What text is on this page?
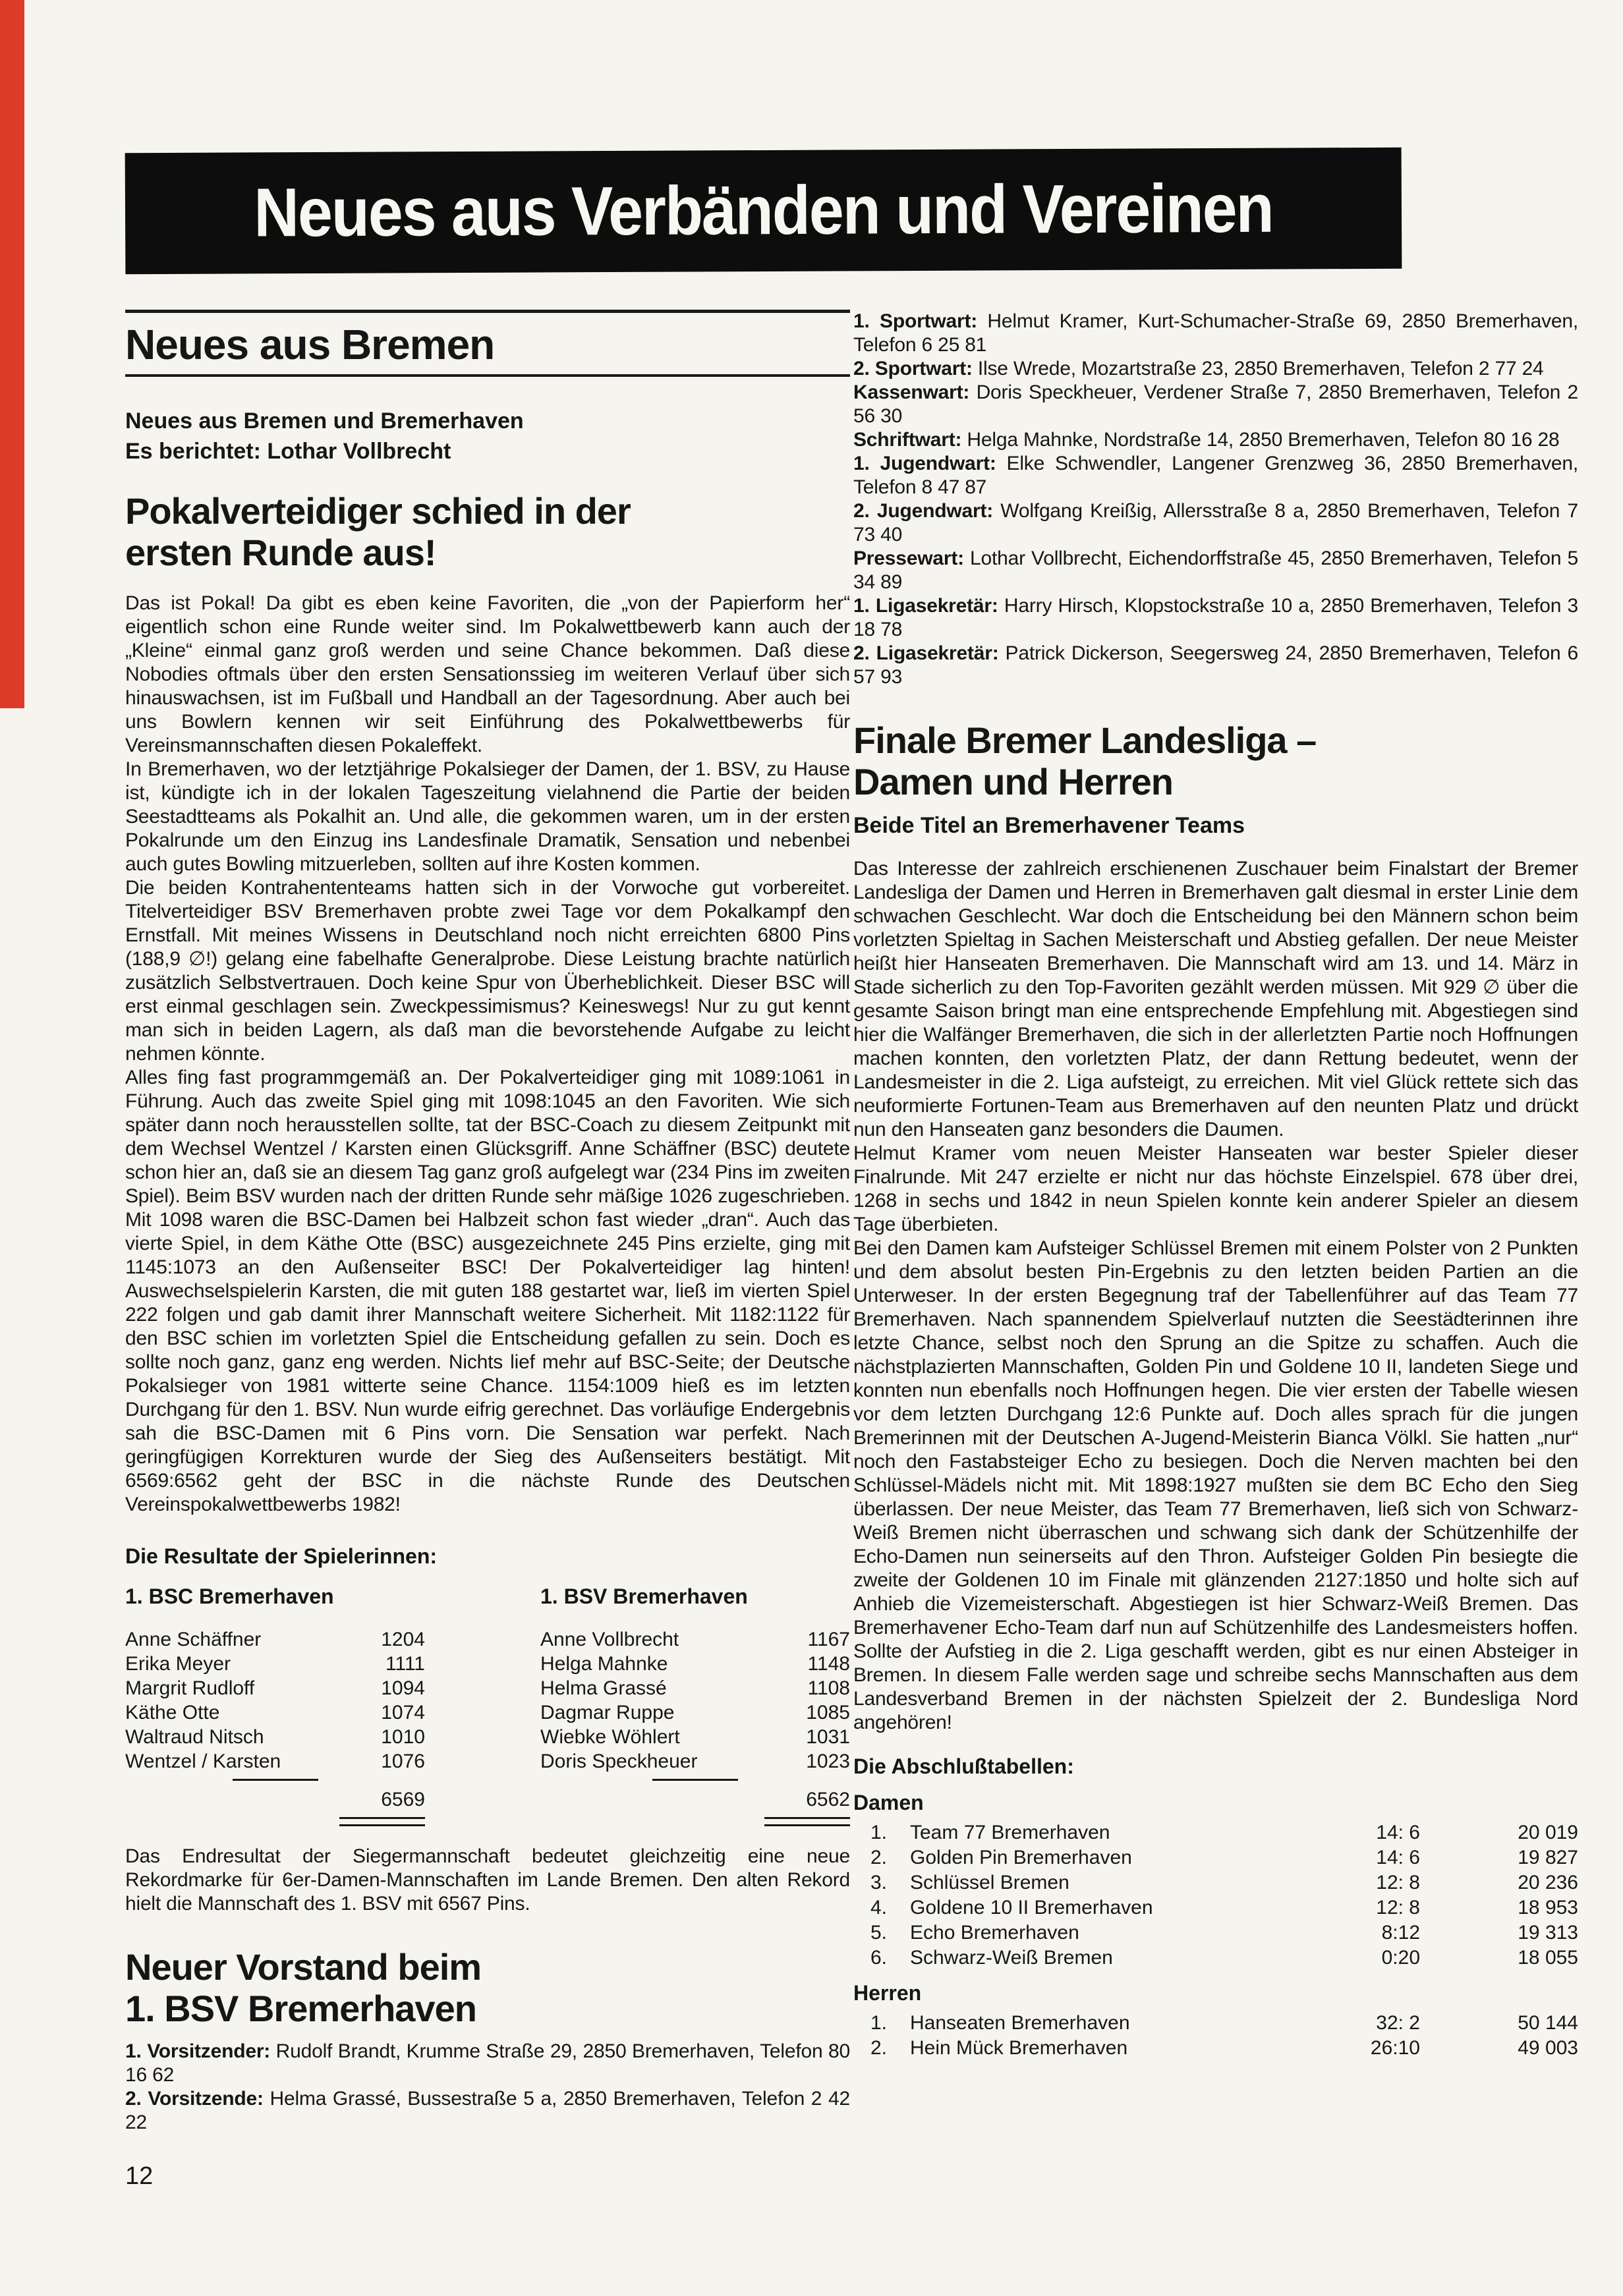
Neues aus Verbänden und Vereinen
Neues aus Bremen

Neues aus Bremen und Bremerhaven

Es berichtet: Lothar Vollbrecht

Pokalverteidiger schied in der
ersten Runde aus!

Das ist Pokal! Da gibt es eben keine Favoriten, die „von der Papierform her“ eigentlich schon eine Runde weiter sind. Im Pokalwettbewerb kann auch der „Kleine“ einmal ganz groß werden und seine Chance bekommen. Daß diese Nobodies oftmals über den ersten Sensationssieg im weiteren Verlauf über sich hinauswachsen, ist im Fußball und Handball an der Tagesordnung. Aber auch bei uns Bowlern kennen wir seit Einführung des Pokalwettbewerbs für Vereinsmannschaften diesen Pokaleffekt.

In Bremerhaven, wo der letztjährige Pokalsieger der Damen, der 1. BSV, zu Hause ist, kündigte ich in der lokalen Tageszeitung vielahnend die Partie der beiden Seestadtteams als Pokalhit an. Und alle, die gekommen waren, um in der ersten Pokalrunde um den Einzug ins Landesfinale Dramatik, Sensation und nebenbei auch gutes Bowling mitzuerleben, sollten auf ihre Kosten kommen.

Die beiden Kontrahententeams hatten sich in der Vorwoche gut vorbereitet. Titelverteidiger BSV Bremerhaven probte zwei Tage vor dem Pokalkampf den Ernstfall. Mit meines Wissens in Deutschland noch nicht erreichten 6800 Pins (188,9 ∅!) gelang eine fabelhafte Generalprobe. Diese Leistung brachte natürlich zusätzlich Selbstvertrauen. Doch keine Spur von Überheblichkeit. Dieser BSC will erst einmal geschlagen sein. Zweckpessimismus? Keineswegs! Nur zu gut kennt man sich in beiden Lagern, als daß man die bevorstehende Aufgabe zu leicht nehmen könnte.

Alles fing fast programmgemäß an. Der Pokalverteidiger ging mit 1089:1061 in Führung. Auch das zweite Spiel ging mit 1098:1045 an den Favoriten. Wie sich später dann noch herausstellen sollte, tat der BSC-Coach zu diesem Zeitpunkt mit dem Wechsel Wentzel / Karsten einen Glücksgriff. Anne Schäffner (BSC) deutete schon hier an, daß sie an diesem Tag ganz groß aufgelegt war (234 Pins im zweiten Spiel). Beim BSV wurden nach der dritten Runde sehr mäßige 1026 zugeschrieben. Mit 1098 waren die BSC-Damen bei Halbzeit schon fast wieder „dran“. Auch das vierte Spiel, in dem Käthe Otte (BSC) ausgezeichnete 245 Pins erzielte, ging mit 1145:1073 an den Außenseiter BSC! Der Pokalverteidiger lag hinten! Auswechselspielerin Karsten, die mit guten 188 gestartet war, ließ im vierten Spiel 222 folgen und gab damit ihrer Mannschaft weitere Sicherheit. Mit 1182:1122 für den BSC schien im vorletzten Spiel die Entscheidung gefallen zu sein. Doch es sollte noch ganz, ganz eng werden. Nichts lief mehr auf BSC-Seite; der Deutsche Pokalsieger von 1981 witterte seine Chance. 1154:1009 hieß es im letzten Durchgang für den 1. BSV. Nun wurde eifrig gerechnet. Das vorläufige Endergebnis sah die BSC-Damen mit 6 Pins vorn. Die Sensation war perfekt. Nach geringfügigen Korrekturen wurde der Sieg des Außenseiters bestätigt. Mit 6569:6562 geht der BSC in die nächste Runde des Deutschen Vereinspokalwettbewerbs 1982!

Die Resultate der Spielerinnen:

1. BSC Bremerhaven

Anne Schäffner	1204
Erika Meyer	1111
Margrit Rudloff	1094
Käthe Otte	1074
Waltraud Nitsch	1010
Wentzel / Karsten	1076
6569

1. BSV Bremerhaven

Anne Vollbrecht	1167
Helga Mahnke	1148
Helma Grassé	1108
Dagmar Ruppe	1085
Wiebke Wöhlert	1031
Doris Speckheuer	1023
6562

Das Endresultat der Siegermannschaft bedeutet gleichzeitig eine neue Rekordmarke für 6er-Damen-Mannschaften im Lande Bremen. Den alten Rekord hielt die Mannschaft des 1. BSV mit 6567 Pins.

Neuer Vorstand beim
1. BSV Bremerhaven

1. Vorsitzender: Rudolf Brandt, Krumme Straße 29, 2850 Bremerhaven, Telefon 80 16 62

2. Vorsitzende: Helma Grassé, Bussestraße 5 a, 2850 Bremerhaven, Telefon 2 42 22

1. Sportwart: Helmut Kramer, Kurt-Schumacher-Straße 69, 2850 Bremerhaven, Telefon 6 25 81

2. Sportwart: Ilse Wrede, Mozartstraße 23, 2850 Bremerhaven, Telefon 2 77 24

Kassenwart: Doris Speckheuer, Verdener Straße 7, 2850 Bremerhaven, Telefon 2 56 30

Schriftwart: Helga Mahnke, Nordstraße 14, 2850 Bremerhaven, Telefon 80 16 28

1. Jugendwart: Elke Schwendler, Langener Grenzweg 36, 2850 Bremerhaven, Telefon 8 47 87

2. Jugendwart: Wolfgang Kreißig, Allersstraße 8 a, 2850 Bremerhaven, Telefon 7 73 40

Pressewart: Lothar Vollbrecht, Eichendorffstraße 45, 2850 Bremerhaven, Telefon 5 34 89

1. Ligasekretär: Harry Hirsch, Klopstockstraße 10 a, 2850 Bremerhaven, Telefon 3 18 78

2. Ligasekretär: Patrick Dickerson, Seegersweg 24, 2850 Bremerhaven, Telefon 6 57 93

Finale Bremer Landesliga –
Damen und Herren

Beide Titel an Bremerhavener Teams

Das Interesse der zahlreich erschienenen Zuschauer beim Finalstart der Bremer Landesliga der Damen und Herren in Bremerhaven galt diesmal in erster Linie dem schwachen Geschlecht. War doch die Entscheidung bei den Männern schon beim vorletzten Spieltag in Sachen Meisterschaft und Abstieg gefallen. Der neue Meister heißt hier Hanseaten Bremerhaven. Die Mannschaft wird am 13. und 14. März in Stade sicherlich zu den Top-Favoriten gezählt werden müssen. Mit 929 ∅ über die gesamte Saison bringt man eine entsprechende Empfehlung mit. Abgestiegen sind hier die Walfänger Bremerhaven, die sich in der allerletzten Partie noch Hoffnungen machen konnten, den vorletzten Platz, der dann Rettung bedeutet, wenn der Landesmeister in die 2. Liga aufsteigt, zu erreichen. Mit viel Glück rettete sich das neuformierte Fortunen-Team aus Bremerhaven auf den neunten Platz und drückt nun den Hanseaten ganz besonders die Daumen.

Helmut Kramer vom neuen Meister Hanseaten war bester Spieler dieser Finalrunde. Mit 247 erzielte er nicht nur das höchste Einzelspiel. 678 über drei, 1268 in sechs und 1842 in neun Spielen konnte kein anderer Spieler an diesem Tage überbieten.

Bei den Damen kam Aufsteiger Schlüssel Bremen mit einem Polster von 2 Punkten und dem absolut besten Pin-Ergebnis zu den letzten beiden Partien an die Unterweser. In der ersten Begegnung traf der Tabellenführer auf das Team 77 Bremerhaven. Nach spannendem Spielverlauf nutzten die Seestädterinnen ihre letzte Chance, selbst noch den Sprung an die Spitze zu schaffen. Auch die nächstplazierten Mannschaften, Golden Pin und Goldene 10 II, landeten Siege und konnten nun ebenfalls noch Hoffnungen hegen. Die vier ersten der Tabelle wiesen vor dem letzten Durchgang 12:6 Punkte auf. Doch alles sprach für die jungen Bremerinnen mit der Deutschen A-Jugend-Meisterin Bianca Völkl. Sie hatten „nur“ noch den Fastabsteiger Echo zu besiegen. Doch die Nerven machten bei den Schlüssel-Mädels nicht mit. Mit 1898:1927 mußten sie dem BC Echo den Sieg überlassen. Der neue Meister, das Team 77 Bremerhaven, ließ sich von Schwarz-Weiß Bremen nicht überraschen und schwang sich dank der Schützenhilfe der Echo-Damen nun seinerseits auf den Thron. Aufsteiger Golden Pin besiegte die zweite der Goldenen 10 im Finale mit glänzenden 2127:1850 und holte sich auf Anhieb die Vizemeisterschaft. Abgestiegen ist hier Schwarz-Weiß Bremen. Das Bremerhavener Echo-Team darf nun auf Schützenhilfe des Landesmeisters hoffen. Sollte der Aufstieg in die 2. Liga geschafft werden, gibt es nur einen Absteiger in Bremen. In diesem Falle werden sage und schreibe sechs Mannschaften aus dem Landesverband Bremen in der nächsten Spielzeit der 2. Bundesliga Nord angehören!

Die Abschlußtabellen:

Damen

1.	Team 77 Bremerhaven	14: 6	20 019
2.	Golden Pin Bremerhaven	14: 6	19 827
3.	Schlüssel Bremen	12: 8	20 236
4.	Goldene 10 II Bremerhaven	12: 8	18 953
5.	Echo Bremerhaven	8:12	19 313
6.	Schwarz-Weiß Bremen	0:20	18 055

Herren

1.	Hanseaten Bremerhaven	32: 2	50 144
2.	Hein Mück Bremerhaven	26:10	49 003
12
